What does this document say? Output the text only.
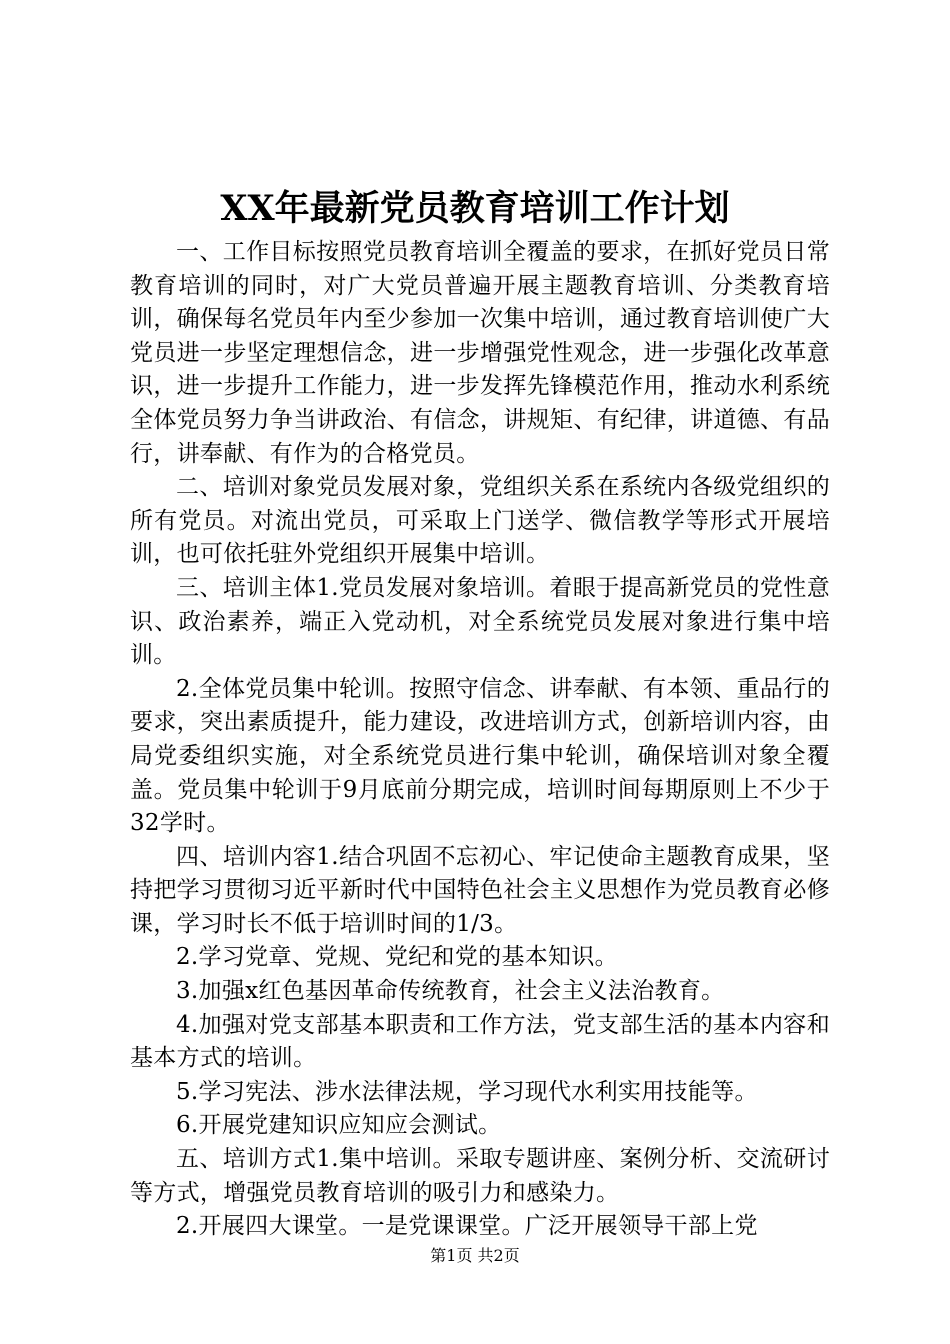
XX年最新党员教育培训工作计划

一、工作目标按照党员教育培训全覆盖的要求，在抓好党员日常教育培训的同时，对广大党员普遍开展主题教育培训、分类教育培训，确保每名党员年内至少参加一次集中培训，通过教育培训使广大党员进一步坚定理想信念，进一步增强党性观念，进一步强化改革意识，进一步提升工作能力，进一步发挥先锋模范作用，推动水利系统全体党员努力争当讲政治、有信念，讲规矩、有纪律，讲道德、有品行，讲奉献、有作为的合格党员。

二、培训对象党员发展对象，党组织关系在系统内各级党组织的所有党员。对流出党员，可采取上门送学、微信教学等形式开展培训，也可依托驻外党组织开展集中培训。

三、培训主体1.党员发展对象培训。着眼于提高新党员的党性意识、政治素养，端正入党动机，对全系统党员发展对象进行集中培训。

2.全体党员集中轮训。按照守信念、讲奉献、有本领、重品行的要求，突出素质提升，能力建设，改进培训方式，创新培训内容，由局党委组织实施，对全系统党员进行集中轮训，确保培训对象全覆盖。党员集中轮训于9月底前分期完成，培训时间每期原则上不少于32学时。

四、培训内容1.结合巩固不忘初心、牢记使命主题教育成果，坚持把学习贯彻习近平新时代中国特色社会主义思想作为党员教育必修课，学习时长不低于培训时间的1/3。

2.学习党章、党规、党纪和党的基本知识。

3.加强x红色基因革命传统教育，社会主义法治教育。

4.加强对党支部基本职责和工作方法，党支部生活的基本内容和基本方式的培训。

5.学习宪法、涉水法律法规，学习现代水利实用技能等。

6.开展党建知识应知应会测试。

五、培训方式1.集中培训。采取专题讲座、案例分析、交流研讨等方式，增强党员教育培训的吸引力和感染力。

2.开展四大课堂。一是党课课堂。广泛开展领导干部上党

第1页 共2页
